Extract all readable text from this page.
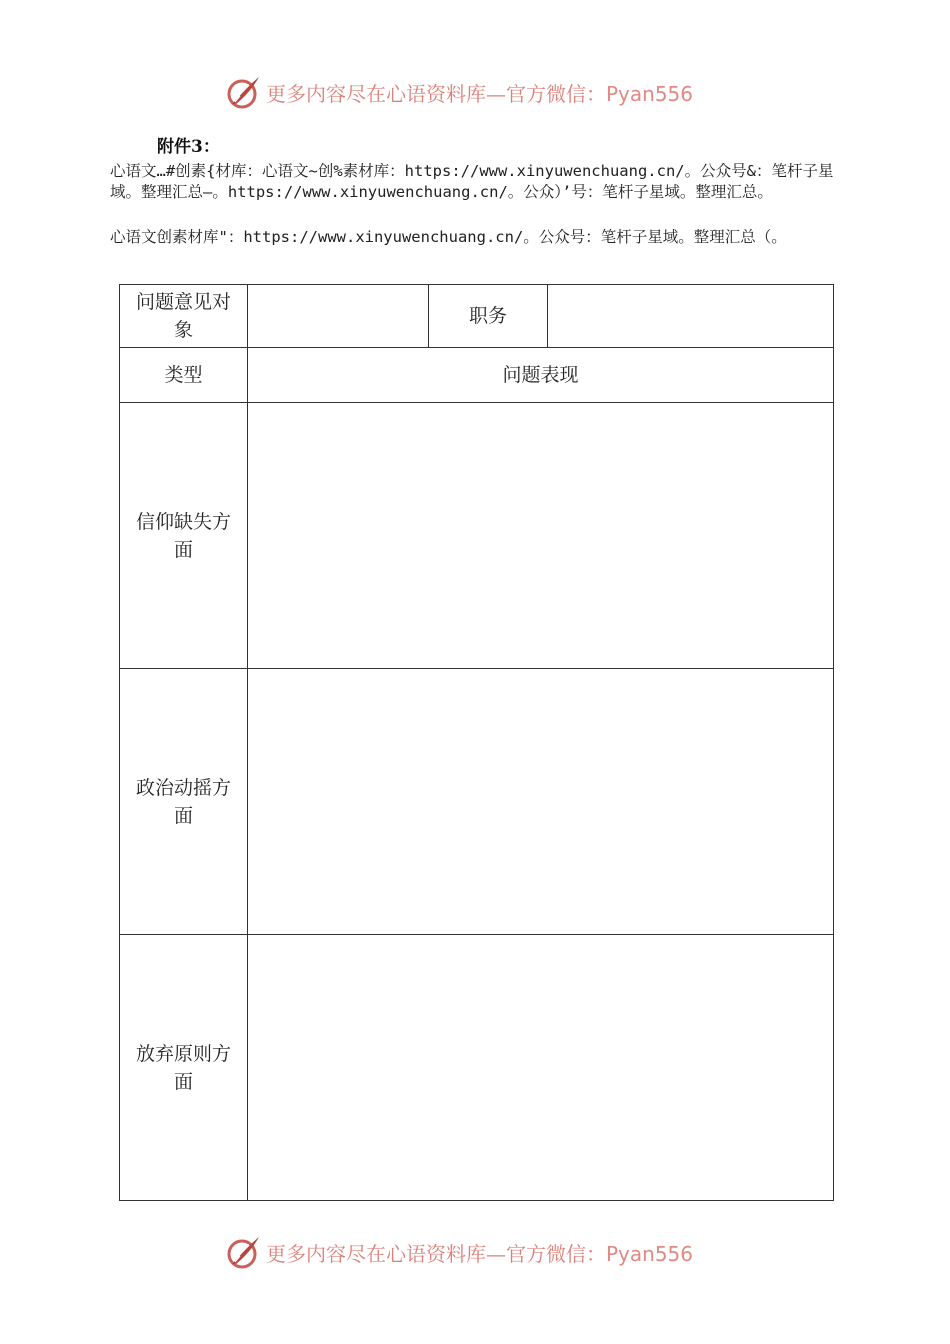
更多内容尽在心语资料库—官方微信：Pyan556
附件3：
心语文…#创素{材库：心语文~创%素材库：https://www.xinyuwenchuang.cn/。公众号&：笔杆子星域。整理汇总—。https://www.xinyuwenchuang.cn/。公众）’号：笔杆子星域。整理汇总。
心语文创素材库"：https://www.xinyuwenchuang.cn/。公众号：笔杆子星域。整理汇总（。
问题意见对象		职务	
类型	问题表现		
信仰缺失方面			
政治动摇方面			
放弃原则方面			
更多内容尽在心语资料库—官方微信：Pyan556
